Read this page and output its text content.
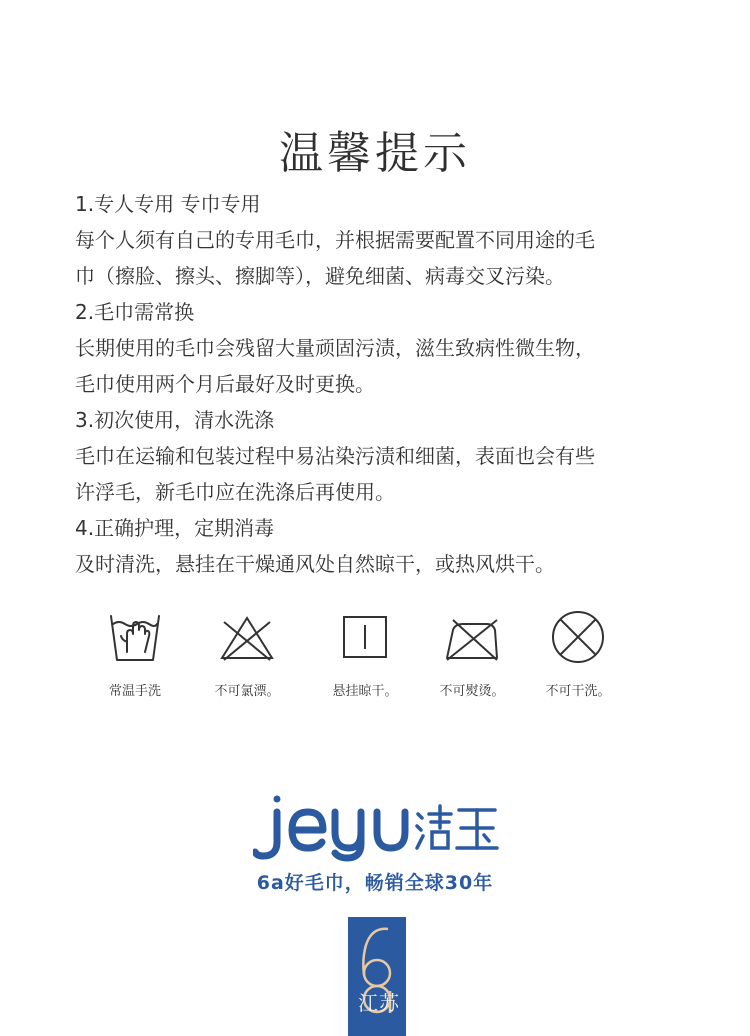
温馨提示

1.专人专用 专巾专用

每个人须有自己的专用毛巾，并根据需要配置不同用途的毛

巾（擦脸、擦头、擦脚等），避免细菌、病毒交叉污染。

2.毛巾需常换

长期使用的毛巾会残留大量顽固污渍，滋生致病性微生物，

毛巾使用两个月后最好及时更换。

3.初次使用，清水洗涤

毛巾在运输和包装过程中易沾染污渍和细菌，表面也会有些

许浮毛，新毛巾应在洗涤后再使用。

4.正确护理，定期消毒

及时清洗，悬挂在干燥通风处自然晾干，或热风烘干。

常温手洗	不可氯漂。	悬挂晾干。	不可熨烫。	不可干洗。
6a好毛巾，畅销全球30年
江苏
